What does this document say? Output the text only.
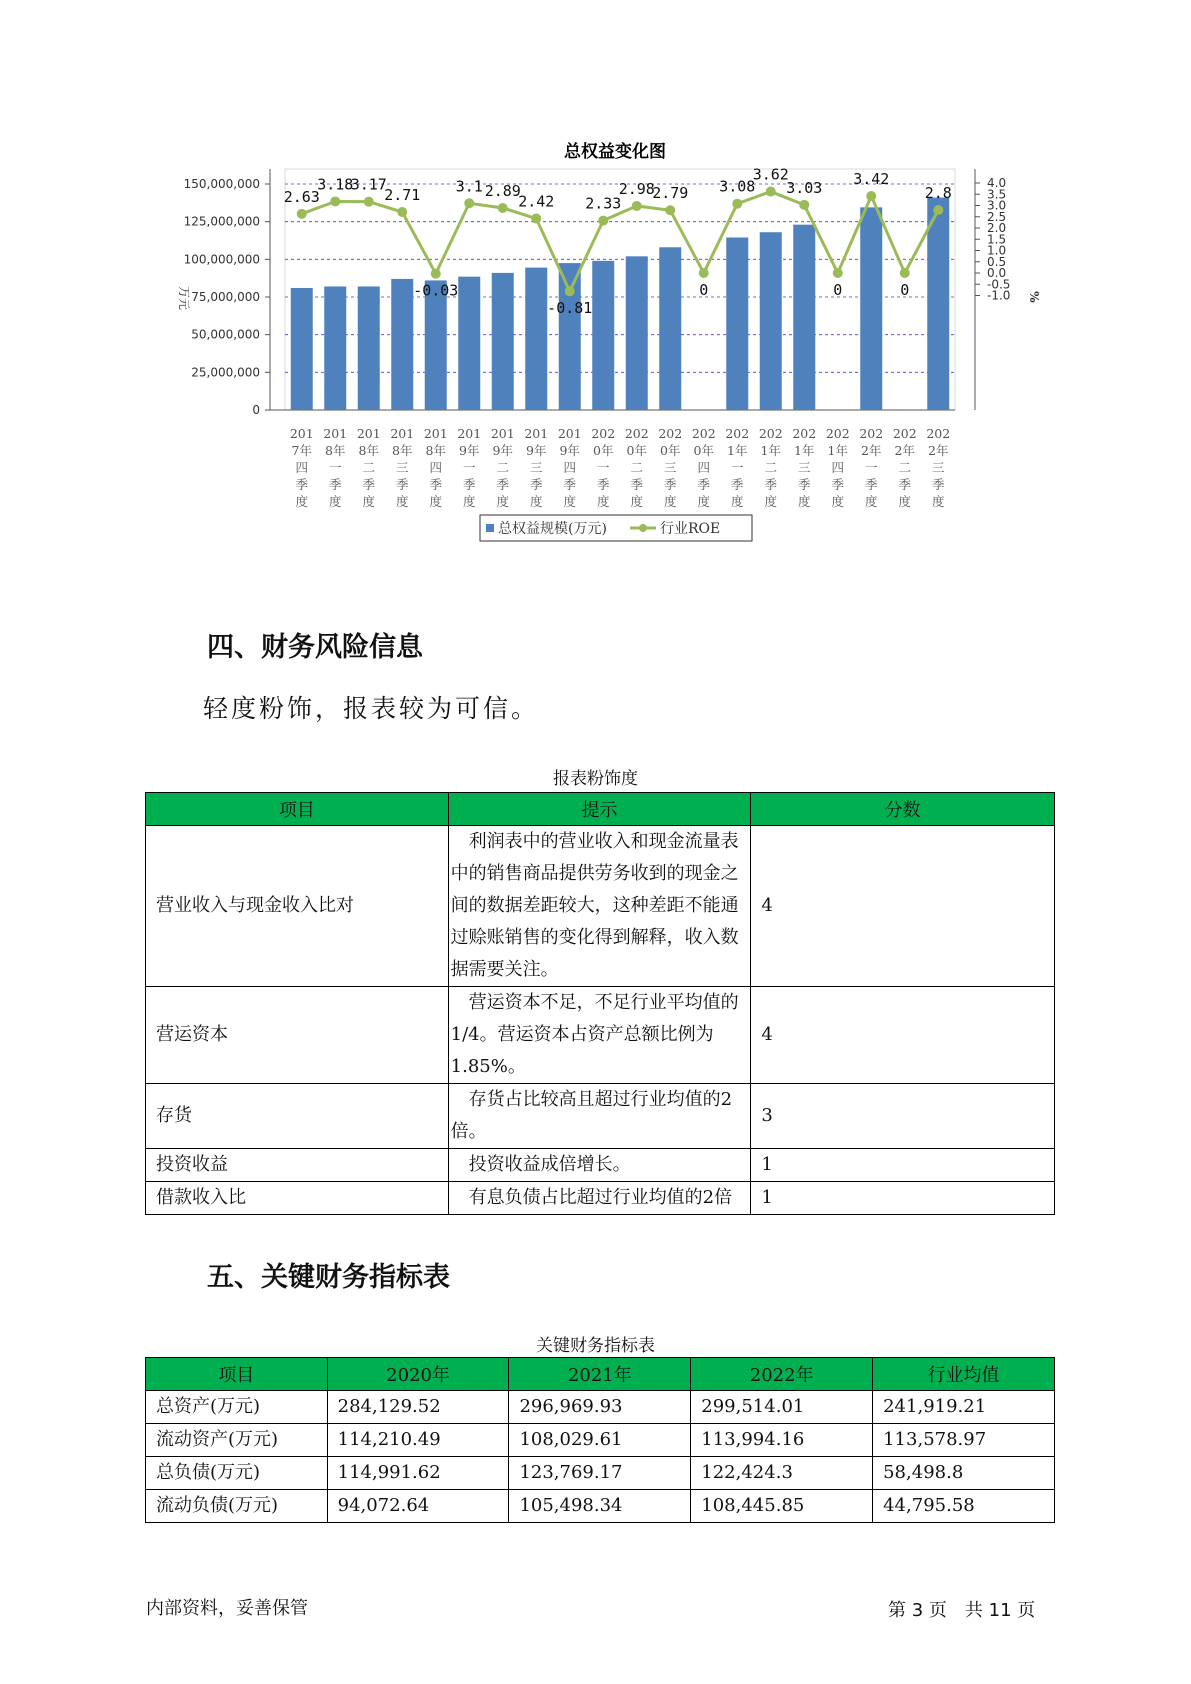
总权益变化图
150,000,000
125,000,000
100,000,000
75,000,000
50,000,000
25,000,000
0
万元
4.0
3.5
3.0
2.5
2.0
1.5
1.0
0.5
0.0
-0.5
-1.0 %
2.63
3.18
3.17
2.71
-0.03
3.1 2.89
2.42
-0.81
2.33
2.98
2.79
0
3.08
3.62
3.03
0
3.42
0
2.8
201
7年
四
季
度
201
8年
一
季
度
201
8年
二
季
度
201
8年
三
季
度
201
8年
四
季
度
201
9年
一
季
度
201
9年
二
季
度
201
9年
三
季
度
201
9年
四
季
度
202
0年
一
季
度
202
0年
二
季
度
202
0年
三
季
度
202
0年
四
季
度
202
1年
一
季
度
202
1年
二
季
度
202
1年
三
季
度
202
1年
四
季
度
202
2年
一
季
度
202
2年
二
季
度
202
2年
三
季
度
总权益规模(万元)	行业ROE
四、财务风险信息
轻度粉饰，报表较为可信。
报表粉饰度
项目	提示	分数
营业收入与现金收入比对	　利润表中的营业收入和现金流量表中的销售商品提供劳务收到的现金之间的数据差距较大，这种差距不能通过赊账销售的变化得到解释，收入数据需要关注。	4
营运资本	　营运资本不足，不足行业平均值的1/4。营运资本占资产总额比例为1.85%。	4
存货	　存货占比较高且超过行业均值的2倍。	3
投资收益	　投资收益成倍增长。	1
借款收入比	　有息负债占比超过行业均值的2倍	1
五、关键财务指标表
关键财务指标表
项目	2020年	2021年	2022年	行业均值
总资产(万元)	284,129.52	296,969.93	299,514.01	241,919.21
流动资产(万元)	114,210.49	108,029.61	113,994.16	113,578.97
总负债(万元)	114,991.62	123,769.17	122,424.3	58,498.8
流动负债(万元)	94,072.64	105,498.34	108,445.85	44,795.58
内部资料，妥善保管	第 3 页　共 11 页
